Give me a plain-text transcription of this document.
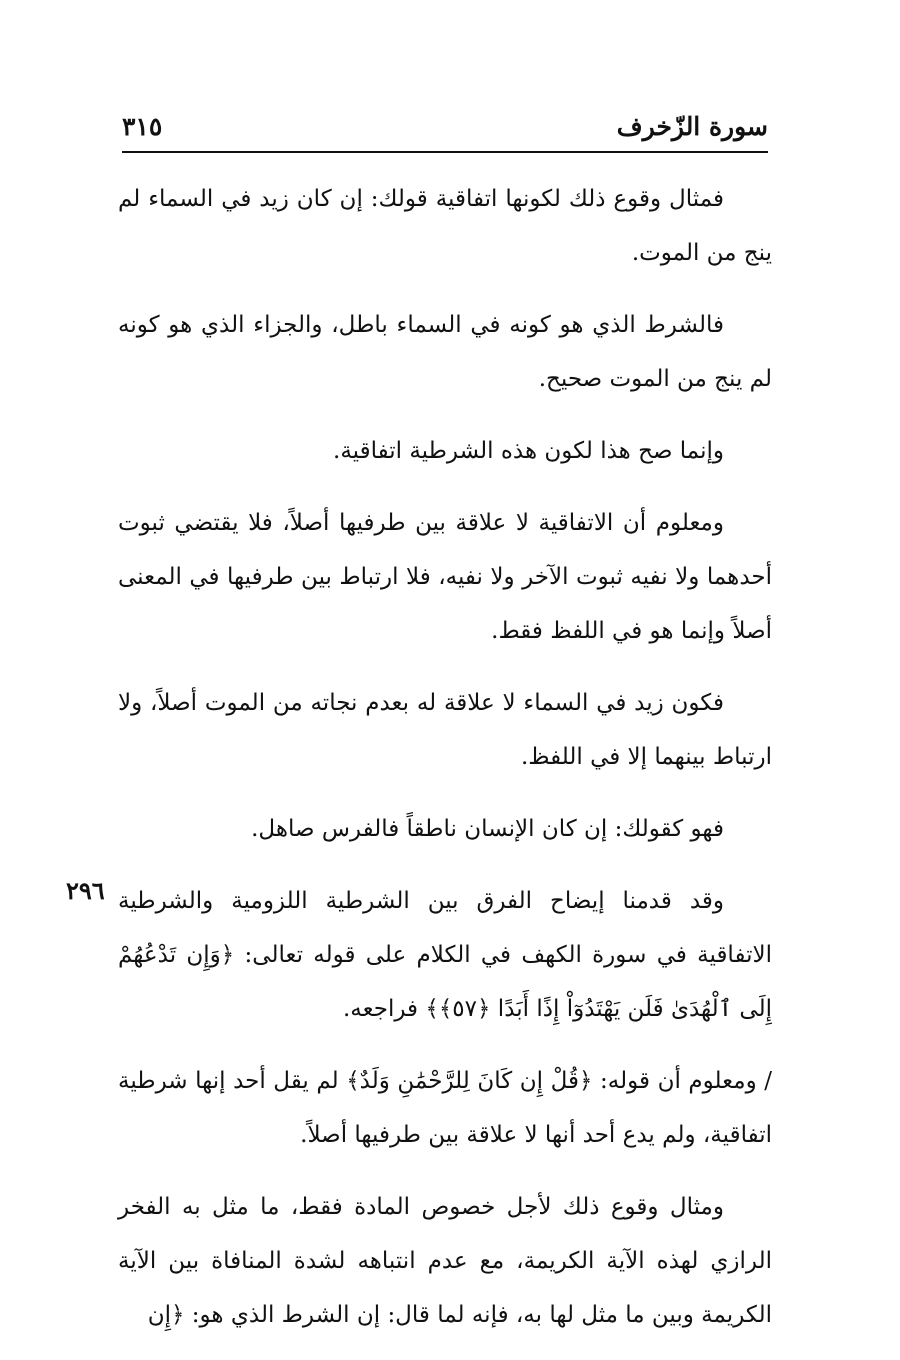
سورة الزّخرف
٣١٥
٢٩٦

فمثال وقوع ذلك لكونها اتفاقية قولك: إن كان زيد في السماء لم ينج من الموت.

فالشرط الذي هو كونه في السماء باطل، والجزاء الذي هو كونه لم ينج من الموت صحيح.

وإنما صح هذا لكون هذه الشرطية اتفاقية.

ومعلوم أن الاتفاقية لا علاقة بين طرفيها أصلاً، فلا يقتضي ثبوت أحدهما ولا نفيه ثبوت الآخر ولا نفيه، فلا ارتباط بين طرفيها في المعنى أصلاً وإنما هو في اللفظ فقط.

فكون زيد في السماء لا علاقة له بعدم نجاته من الموت أصلاً، ولا ارتباط بينهما إلا في اللفظ.

فهو كقولك: إن كان الإنسان ناطقاً فالفرس صاهل.

وقد قدمنا إيضاح الفرق بين الشرطية اللزومية والشرطية الاتفاقية في سورة الكهف في الكلام على قوله تعالى: ﴿وَإِن تَدْعُهُمْ إِلَى ٱلْهُدَىٰ فَلَن يَهْتَدُوٓاْ إِذًا أَبَدًا ﴿٥٧﴾﴾ فراجعه.

/ ومعلوم أن قوله: ﴿قُلْ إِن كَانَ لِلرَّحْمَٰنِ وَلَدٌ﴾ لم يقل أحد إنها شرطية اتفاقية، ولم يدع أحد أنها لا علاقة بين طرفيها أصلاً.

ومثال وقوع ذلك لأجل خصوص المادة فقط، ما مثل به الفخر الرازي لهذه الآية الكريمة، مع عدم انتباهه لشدة المنافاة بين الآية الكريمة وبين ما مثل لها به، فإنه لما قال: إن الشرط الذي هو: ﴿إِن
